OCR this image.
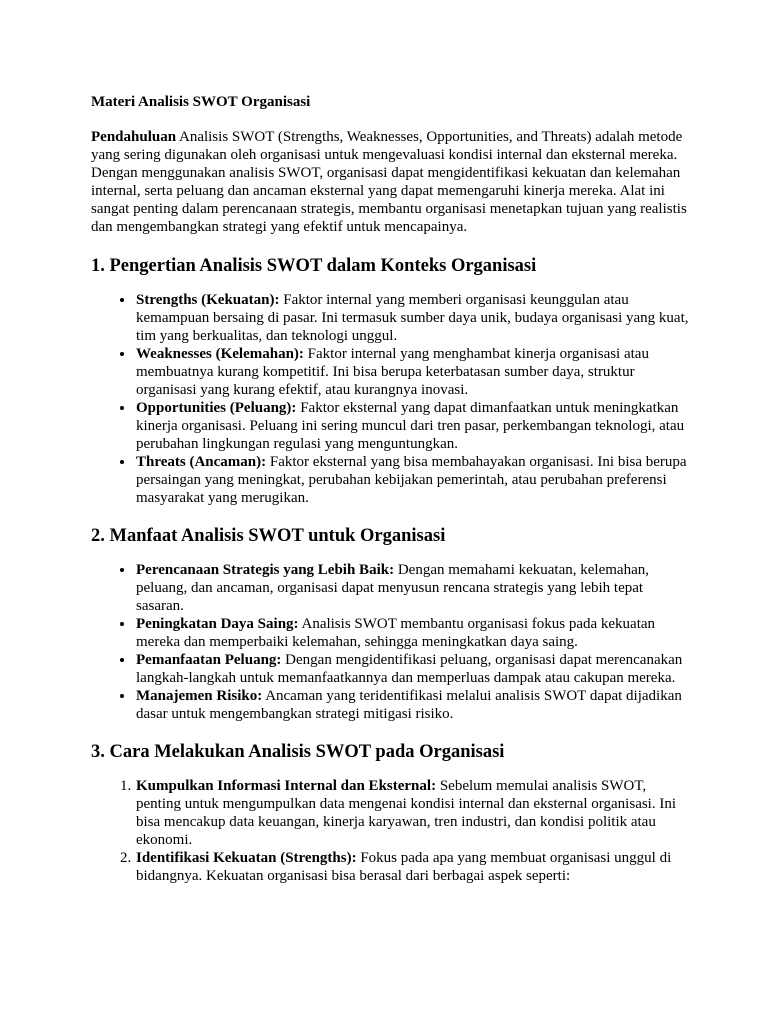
Materi Analisis SWOT Organisasi

Pendahuluan Analisis SWOT (Strengths, Weaknesses, Opportunities, and Threats) adalah metode yang sering digunakan oleh organisasi untuk mengevaluasi kondisi internal dan eksternal mereka. Dengan menggunakan analisis SWOT, organisasi dapat mengidentifikasi kekuatan dan kelemahan internal, serta peluang dan ancaman eksternal yang dapat memengaruhi kinerja mereka. Alat ini sangat penting dalam perencanaan strategis, membantu organisasi menetapkan tujuan yang realistis dan mengembangkan strategi yang efektif untuk mencapainya.

1. Pengertian Analisis SWOT dalam Konteks Organisasi
• Strengths (Kekuatan): Faktor internal yang memberi organisasi keunggulan atau kemampuan bersaing di pasar. Ini termasuk sumber daya unik, budaya organisasi yang kuat, tim yang berkualitas, dan teknologi unggul.
• Weaknesses (Kelemahan): Faktor internal yang menghambat kinerja organisasi atau membuatnya kurang kompetitif. Ini bisa berupa keterbatasan sumber daya, struktur organisasi yang kurang efektif, atau kurangnya inovasi.
• Opportunities (Peluang): Faktor eksternal yang dapat dimanfaatkan untuk meningkatkan kinerja organisasi. Peluang ini sering muncul dari tren pasar, perkembangan teknologi, atau perubahan lingkungan regulasi yang menguntungkan.
• Threats (Ancaman): Faktor eksternal yang bisa membahayakan organisasi. Ini bisa berupa persaingan yang meningkat, perubahan kebijakan pemerintah, atau perubahan preferensi masyarakat yang merugikan.
2. Manfaat Analisis SWOT untuk Organisasi
• Perencanaan Strategis yang Lebih Baik: Dengan memahami kekuatan, kelemahan, peluang, dan ancaman, organisasi dapat menyusun rencana strategis yang lebih tepat sasaran.
• Peningkatan Daya Saing: Analisis SWOT membantu organisasi fokus pada kekuatan mereka dan memperbaiki kelemahan, sehingga meningkatkan daya saing.
• Pemanfaatan Peluang: Dengan mengidentifikasi peluang, organisasi dapat merencanakan langkah-langkah untuk memanfaatkannya dan memperluas dampak atau cakupan mereka.
• Manajemen Risiko: Ancaman yang teridentifikasi melalui analisis SWOT dapat dijadikan dasar untuk mengembangkan strategi mitigasi risiko.
3. Cara Melakukan Analisis SWOT pada Organisasi
1. Kumpulkan Informasi Internal dan Eksternal: Sebelum memulai analisis SWOT, penting untuk mengumpulkan data mengenai kondisi internal dan eksternal organisasi. Ini bisa mencakup data keuangan, kinerja karyawan, tren industri, dan kondisi politik atau ekonomi.
2. Identifikasi Kekuatan (Strengths): Fokus pada apa yang membuat organisasi unggul di bidangnya. Kekuatan organisasi bisa berasal dari berbagai aspek seperti:
